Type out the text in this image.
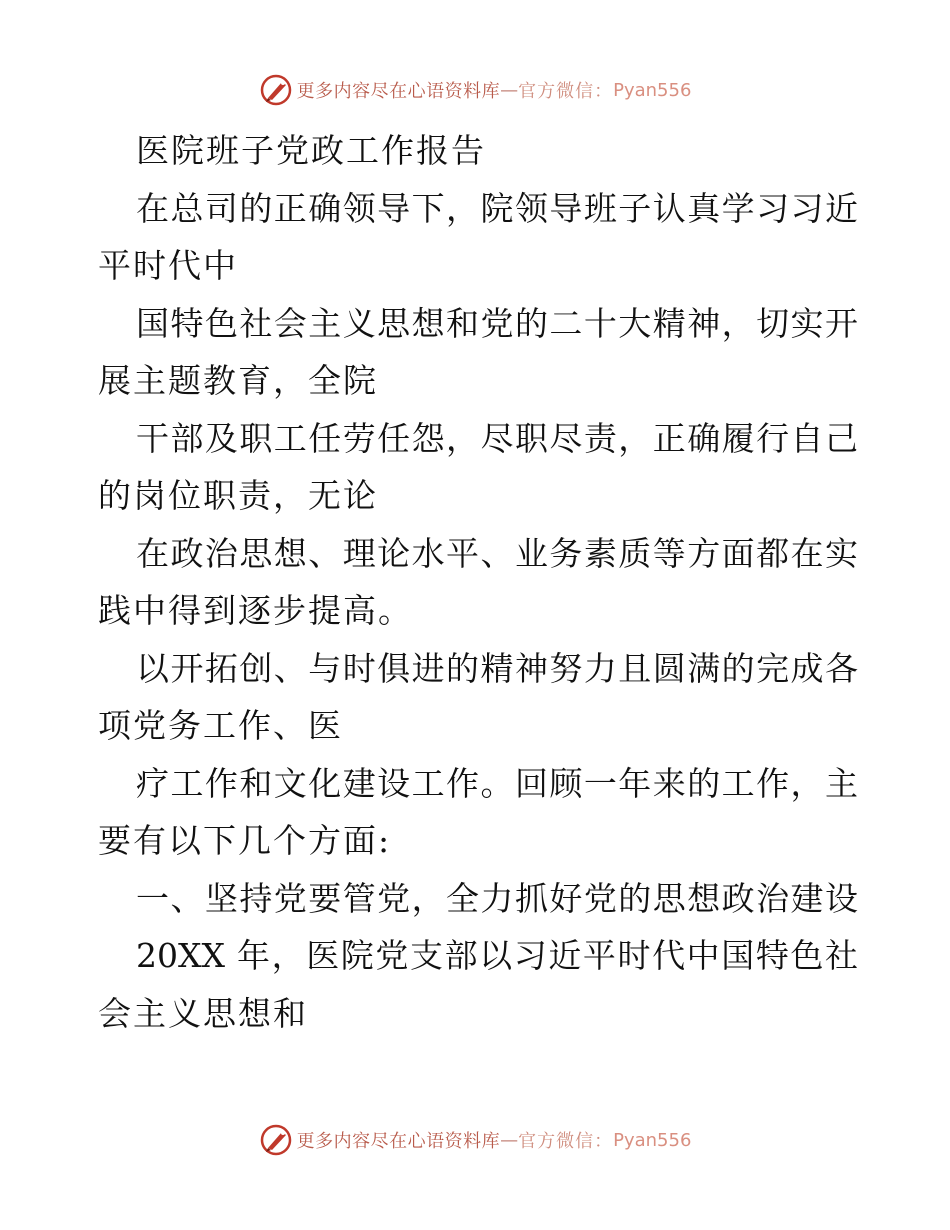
更多内容尽在心语资料库 — 官方微信： Pyan556
医院班子党政工作报告
在总司的正确领导下，院领导班子认真学习习近
平时代中
国特色社会主义思想和党的二十大精神，切实开
展主题教育，全院
干部及职工任劳任怨，尽职尽责，正确履行自己
的岗位职责，无论
在政治思想、理论水平、业务素质等方面都在实
践中得到逐步提高。
以开拓创、与时俱进的精神努力且圆满的完成各
项党务工作、医
疗工作和文化建设工作。回顾一年来的工作，主
要有以下几个方面:
一、坚持党要管党，全力抓好党的思想政治建设
20XX 年，医院党支部以习近平时代中国特色社
会主义思想和
更多内容尽在心语资料库 — 官方微信： Pyan556
